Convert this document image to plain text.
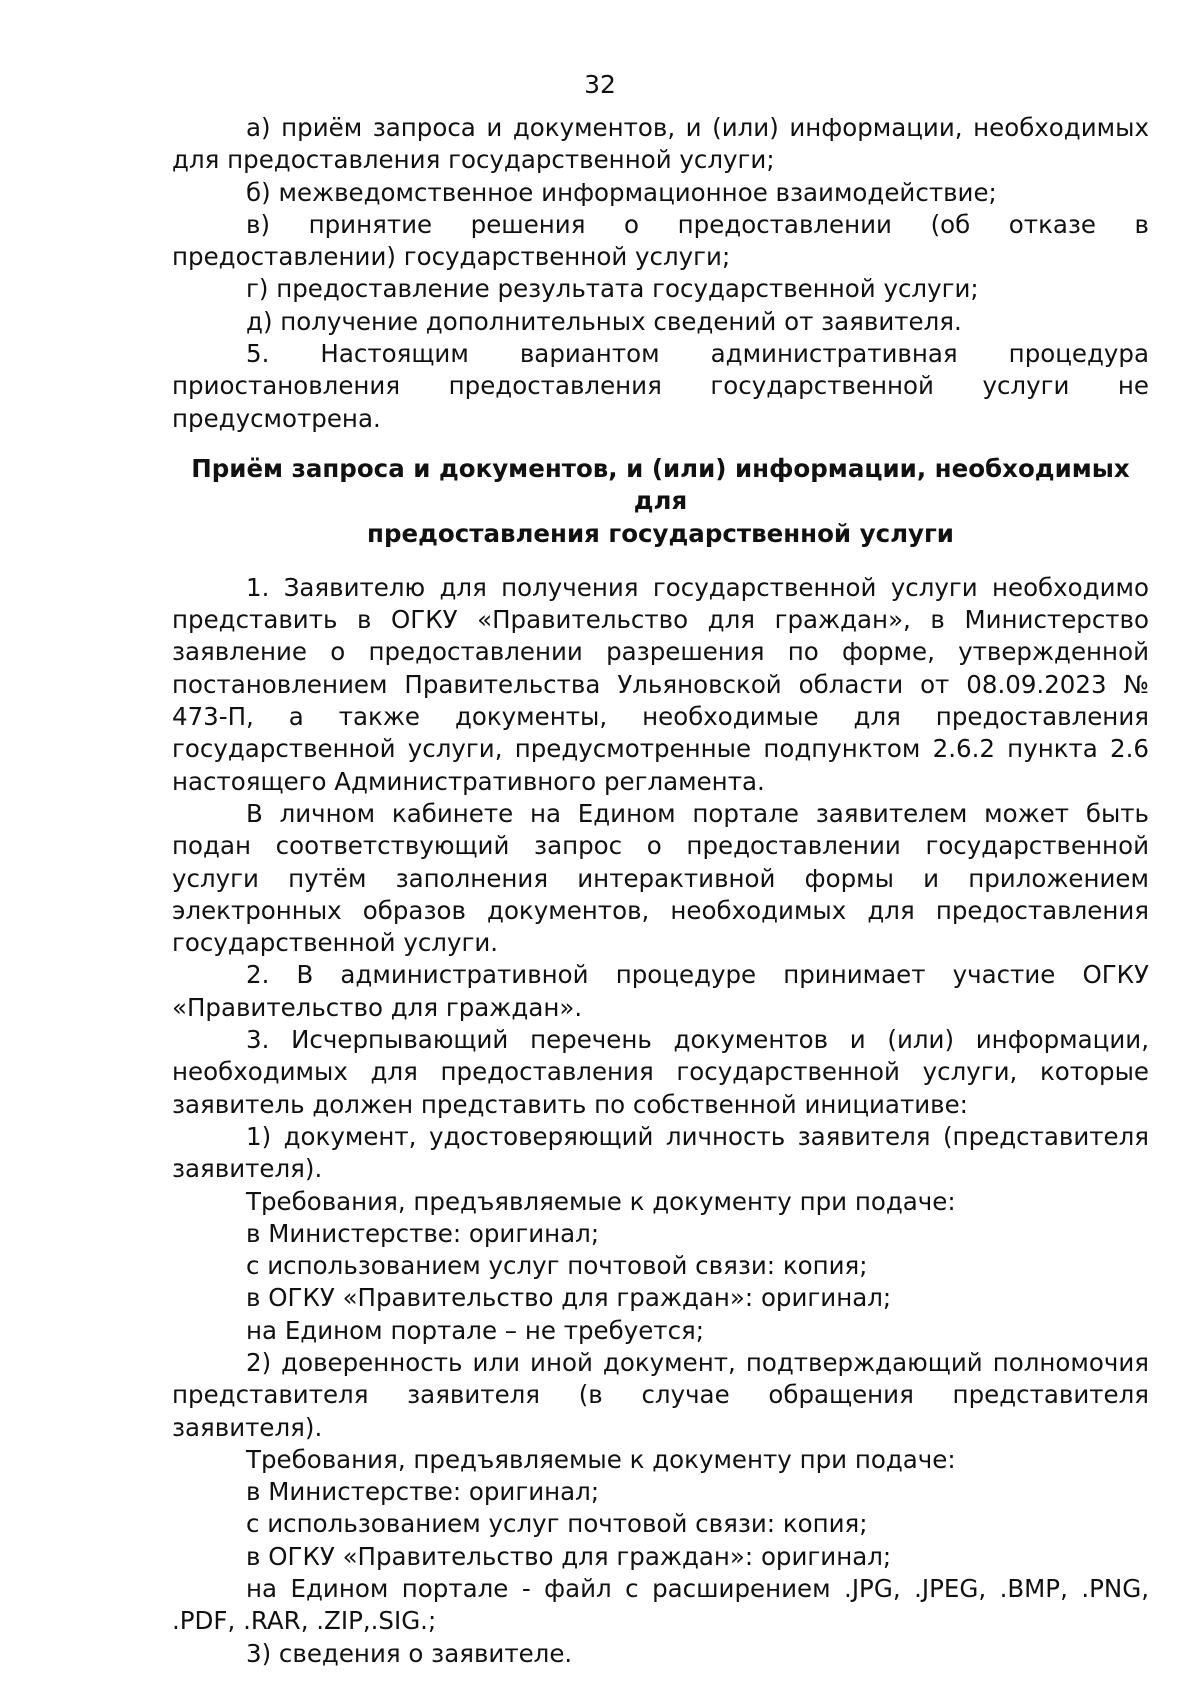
32

а) приём запроса и документов, и (или) информации, необходимых для предоставления государственной услуги;

б) межведомственное информационное взаимодействие;

в) принятие решения о предоставлении (об отказе в предоставлении) государственной услуги;

г) предоставление результата государственной услуги;

д) получение дополнительных сведений от заявителя.

5. Настоящим вариантом административная процедура приостановления предоставления государственной услуги не предусмотрена.

Приём запроса и документов, и (или) информации, необходимых для
предоставления государственной услуги

1. Заявителю для получения государственной услуги необходимо представить в ОГКУ «Правительство для граждан», в Министерство заявление о предоставлении разрешения по форме, утвержденной постановлением Правительства Ульяновской области от 08.09.2023 № 473-П, а также документы, необходимые для предоставления государственной услуги, предусмотренные подпунктом 2.6.2 пункта 2.6 настоящего Административного регламента.

В личном кабинете на Едином портале заявителем может быть подан соответствующий запрос о предоставлении государственной услуги путём заполнения интерактивной формы и приложением электронных образов документов, необходимых для предоставления государственной услуги.

2. В административной процедуре принимает участие ОГКУ «Правительство для граждан».

3. Исчерпывающий перечень документов и (или) информации, необходимых для предоставления государственной услуги, которые заявитель должен представить по собственной инициативе:

1) документ, удостоверяющий личность заявителя (представителя заявителя).

Требования, предъявляемые к документу при подаче:

в Министерстве: оригинал;

с использованием услуг почтовой связи: копия;

в ОГКУ «Правительство для граждан»: оригинал;

на Едином портале – не требуется;

2) доверенность или иной документ, подтверждающий полномочия представителя заявителя (в случае обращения представителя заявителя).

Требования, предъявляемые к документу при подаче:

в Министерстве: оригинал;

с использованием услуг почтовой связи: копия;

в ОГКУ «Правительство для граждан»: оригинал;

на Едином портале - файл с расширением .JPG, .JPEG, .BMP, .PNG, .PDF, .RAR, .ZIP,.SIG.;

3) сведения о заявителе.
